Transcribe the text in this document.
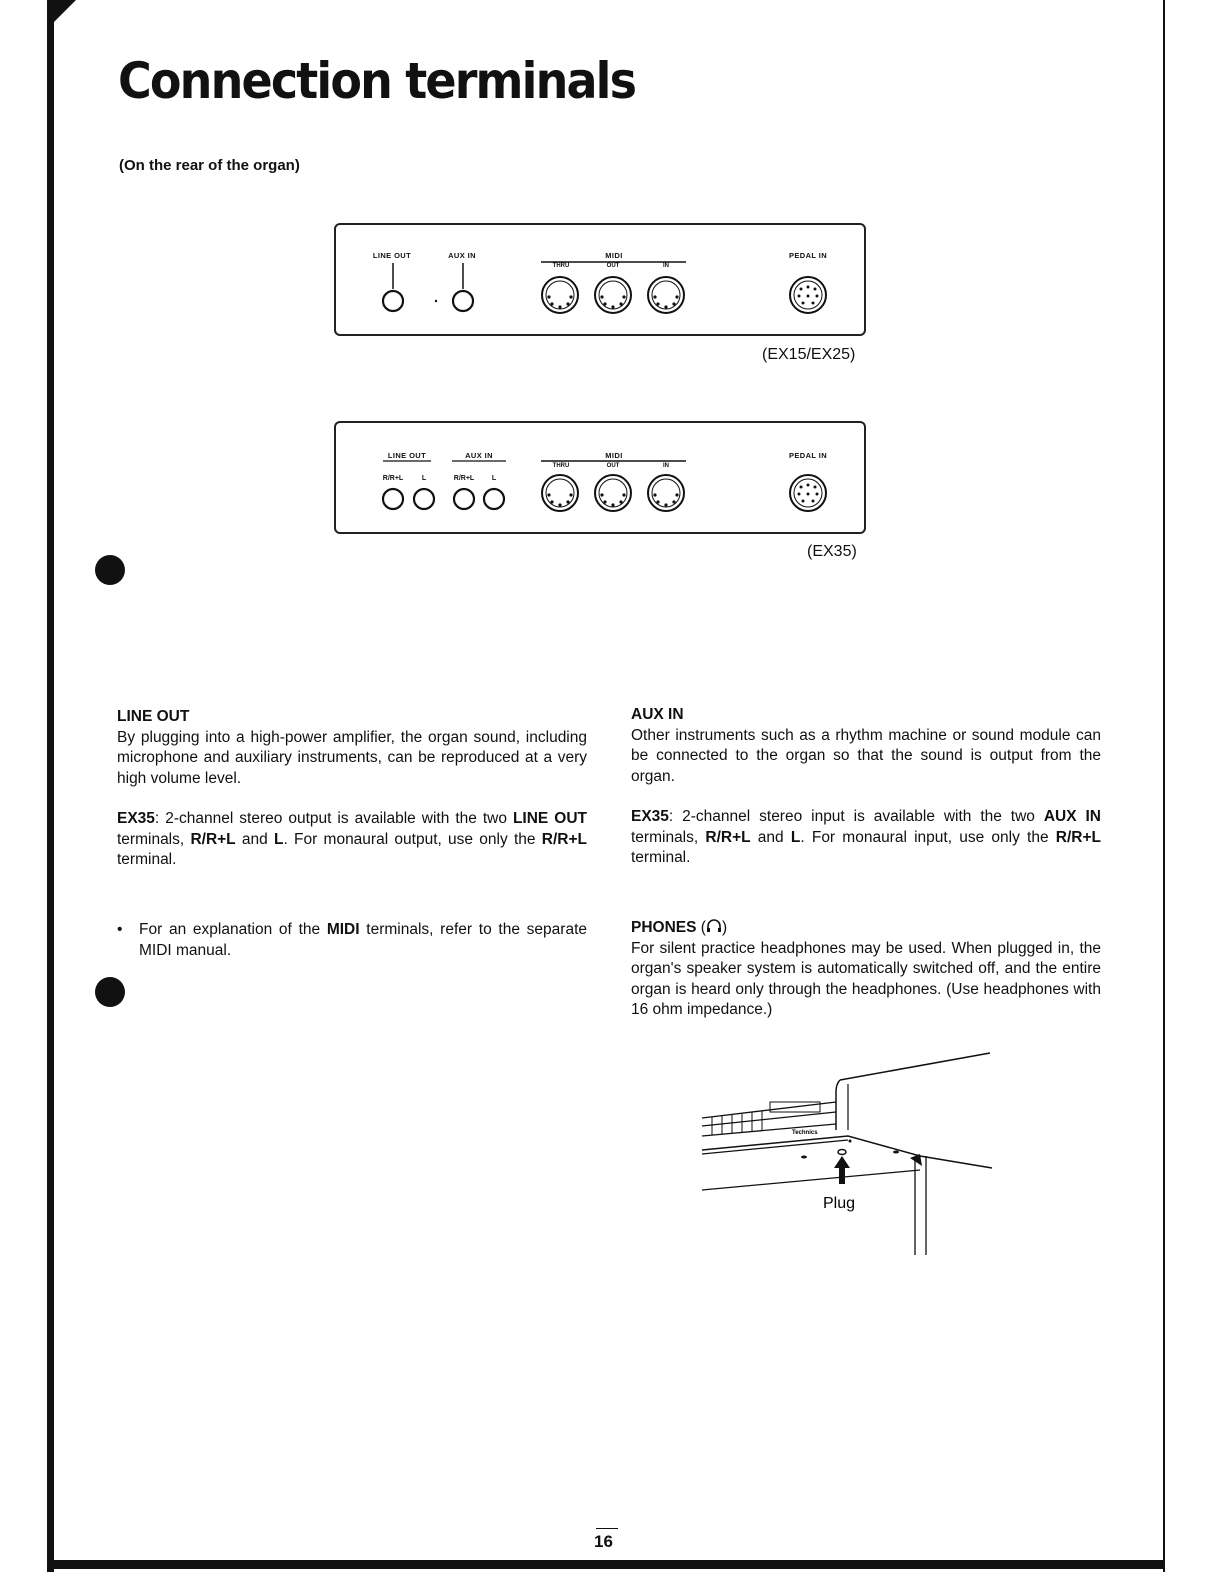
Connection terminals

(On the rear of the organ)

LINE OUT	AUX IN	MIDI
THRU	OUT	IN
PEDAL IN
(EX15/EX25)
LINE OUT	AUX IN	MIDI
THRU	OUT	IN
PEDAL IN
R/R+L	L	R/R+L	L
(EX35)

LINE OUT

By plugging into a high-power amplifier, the organ sound, including microphone and auxiliary instruments, can be reproduced at a very high volume level.

EX35: 2-channel stereo output is available with the two LINE OUT terminals, R/R+L and L. For monaural output, use only the R/R+L terminal.

•	For an explanation of the MIDI terminals, refer to the separate MIDI manual.

AUX IN

Other instruments such as a rhythm machine or sound module can be connected to the organ so that the sound is output from the organ.

EX35: 2-channel stereo input is available with the two AUX IN terminals, R/R+L and L. For monaural input, use only the R/R+L terminal.

PHONES ( )

For silent practice headphones may be used. When plugged in, the organ's speaker system is automatically switched off, and the entire organ is heard only through the headphones. (Use headphones with 16 ohm impedance.)

Technics
Plug
16
